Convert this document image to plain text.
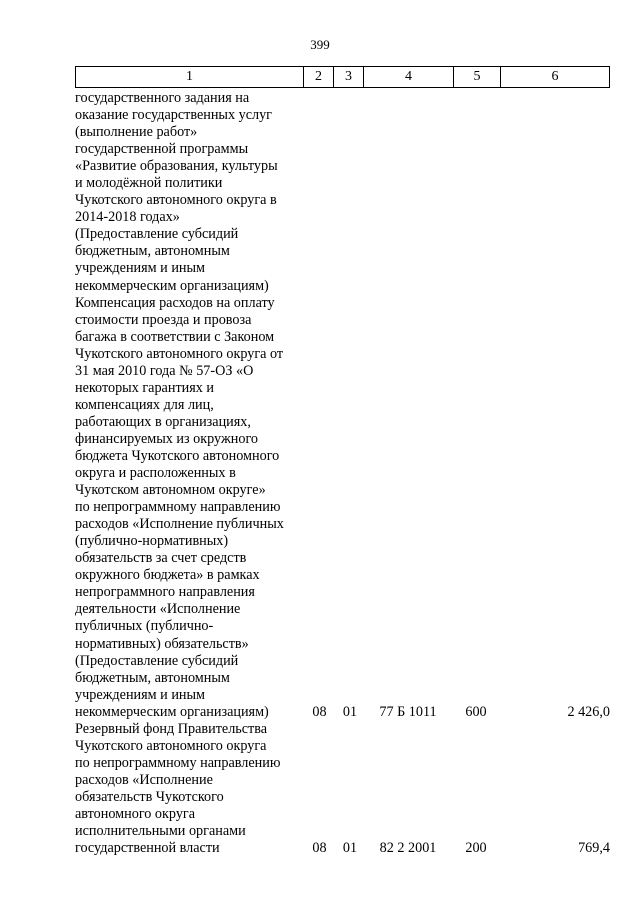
399
1	2	3	4	5	6
государственного задания на
оказание государственных услуг
(выполнение работ»
государственной программы
«Развитие образования, культуры
и молодёжной политики
Чукотского автономного округа в
2014-2018 годах»
(Предоставление субсидий
бюджетным, автономным
учреждениям и иным
некоммерческим организациям)
Компенсация расходов на оплату
стоимости проезда и провоза
багажа в соответствии с Законом
Чукотского автономного округа от
31 мая 2010 года № 57-ОЗ «О
некоторых гарантиях и
компенсациях для лиц,
работающих в организациях,
финансируемых из окружного
бюджета Чукотского автономного
округа и расположенных в
Чукотском автономном округе»
по непрограммному направлению
расходов «Исполнение публичных
(публично-нормативных)
обязательств за счет средств
окружного бюджета» в рамках
непрограммного направления
деятельности «Исполнение
публичных (публично-
нормативных) обязательств»
(Предоставление субсидий
бюджетным, автономным
учреждениям и иным
некоммерческим организациям)	08	01	77 Б 1011	600	2 426,0
Резервный фонд Правительства
Чукотского автономного округа
по непрограммному направлению
расходов «Исполнение
обязательств Чукотского
автономного округа
исполнительными органами
государственной власти	08	01	82 2 2001	200	769,4
